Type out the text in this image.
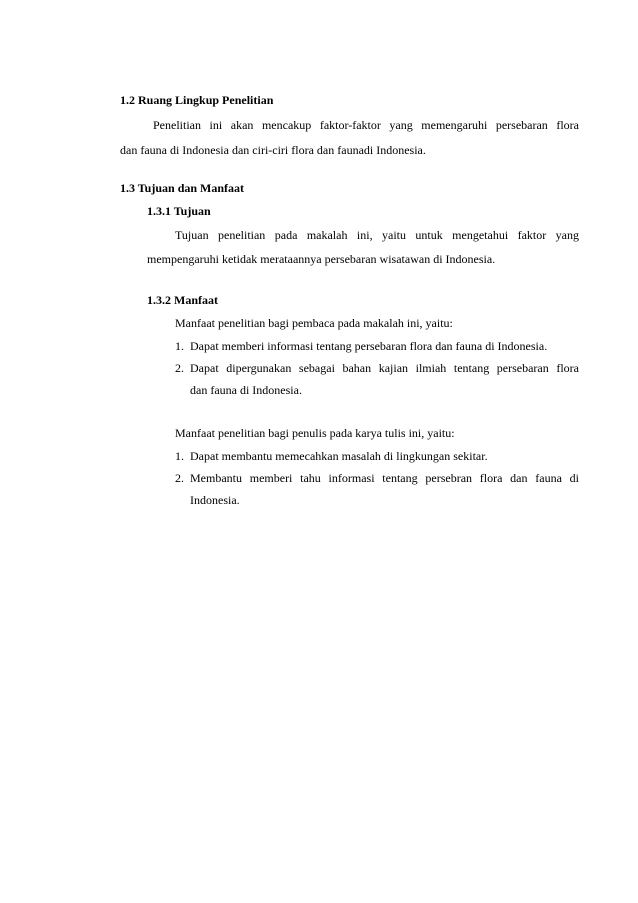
1.2 Ruang Lingkup Penelitian
Penelitian ini akan mencakup faktor-faktor yang memengaruhi persebaran flora
dan fauna di Indonesia dan ciri-ciri flora dan faunadi Indonesia.
1.3 Tujuan dan Manfaat
1.3.1 Tujuan
Tujuan penelitian pada makalah ini, yaitu untuk mengetahui faktor yang
mempengaruhi ketidak merataannya persebaran wisatawan di Indonesia.
1.3.2 Manfaat
Manfaat penelitian bagi pembaca pada makalah ini, yaitu:
1. Dapat memberi informasi tentang persebaran flora dan fauna di Indonesia.
2. Dapat dipergunakan sebagai bahan kajian ilmiah tentang persebaran flora
dan fauna di Indonesia.
Manfaat penelitian bagi penulis pada karya tulis ini, yaitu:
1. Dapat membantu memecahkan masalah di lingkungan sekitar.
2. Membantu memberi tahu informasi tentang persebran flora dan fauna di
Indonesia.
